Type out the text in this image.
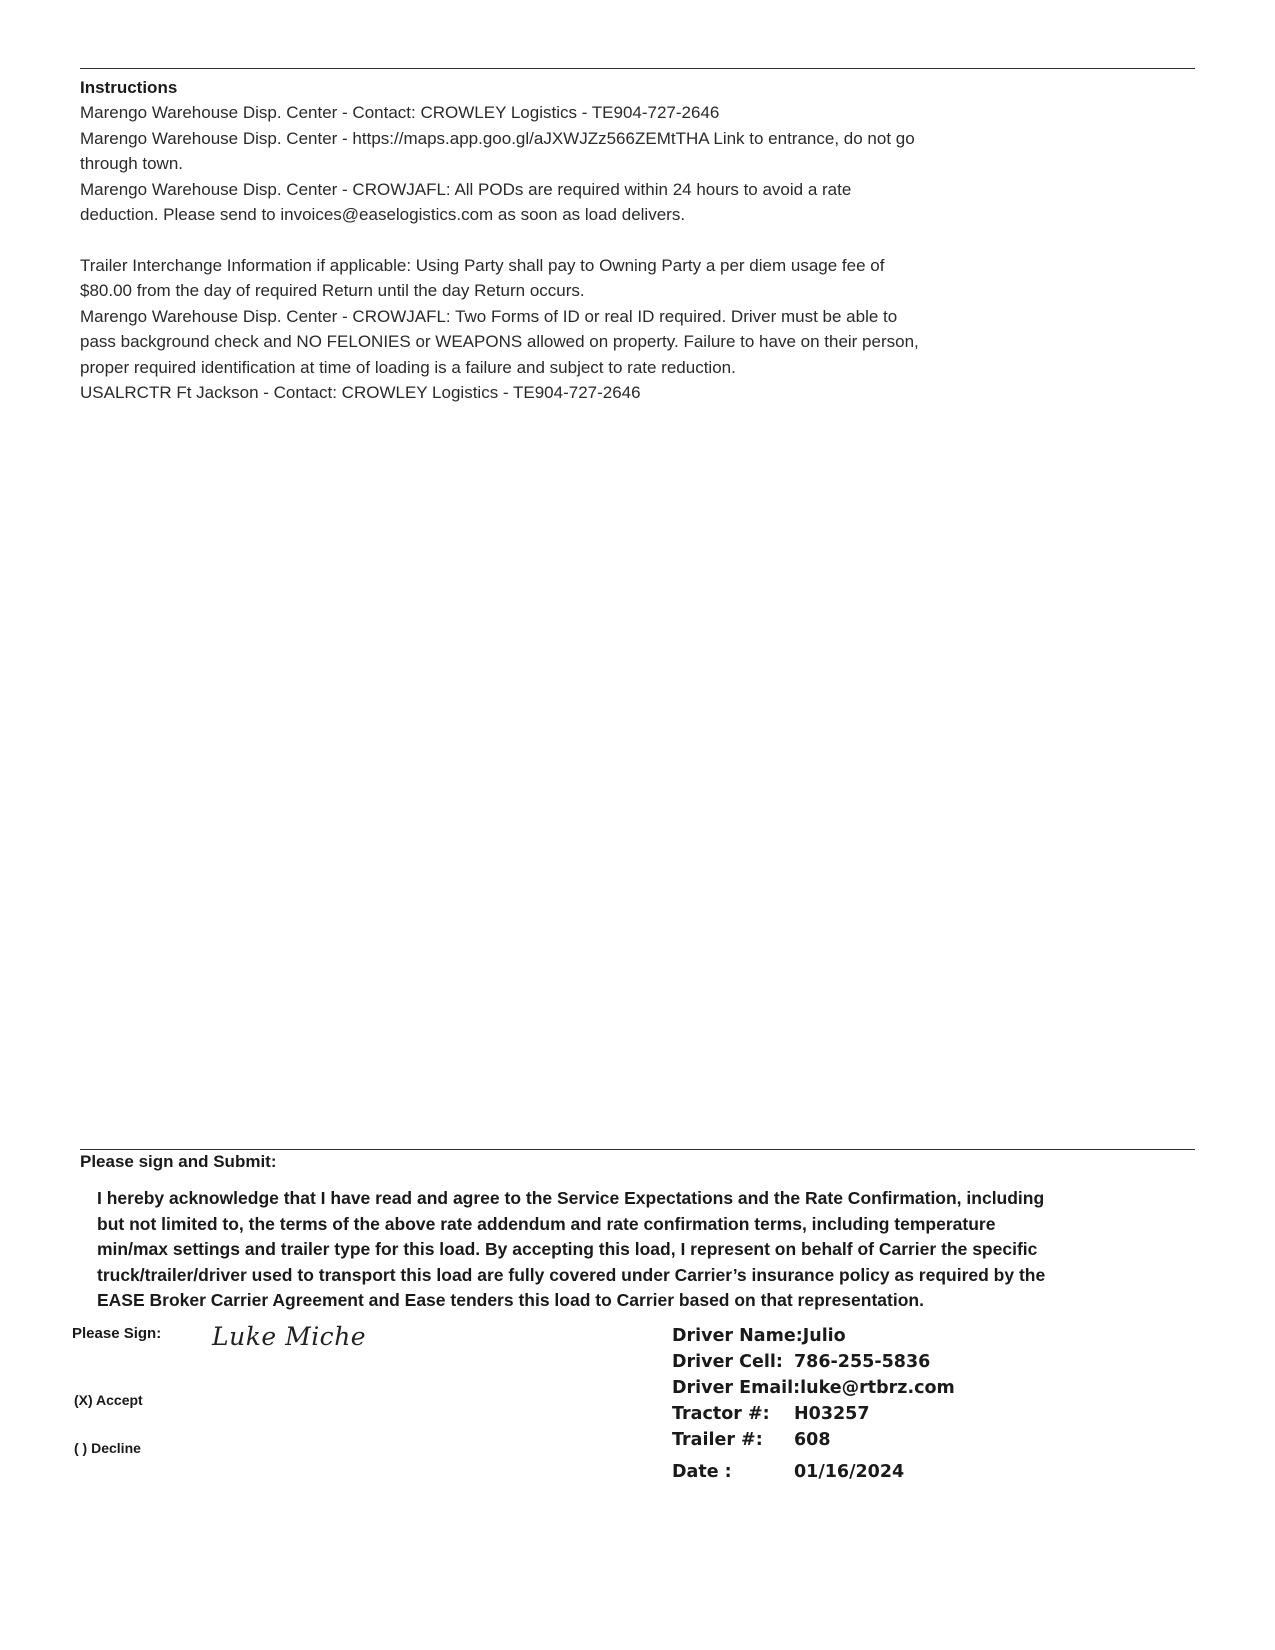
Instructions
Marengo Warehouse Disp. Center - Contact: CROWLEY Logistics - TE904-727-2646
Marengo Warehouse Disp. Center - https://maps.app.goo.gl/aJXWJZz566ZEMtTHA Link to entrance, do not go
through town.
Marengo Warehouse Disp. Center - CROWJAFL: All PODs are required within 24 hours to avoid a rate
deduction. Please send to invoices@easelogistics.com as soon as load delivers.
Trailer Interchange Information if applicable: Using Party shall pay to Owning Party a per diem usage fee of
$80.00 from the day of required Return until the day Return occurs.
Marengo Warehouse Disp. Center - CROWJAFL: Two Forms of ID or real ID required. Driver must be able to
pass background check and NO FELONIES or WEAPONS allowed on property. Failure to have on their person,
proper required identification at time of loading is a failure and subject to rate reduction.
USALRCTR Ft Jackson - Contact: CROWLEY Logistics - TE904-727-2646
Please sign and Submit:
I hereby acknowledge that I have read and agree to the Service Expectations and the Rate Confirmation, including
but not limited to, the terms of the above rate addendum and rate confirmation terms, including temperature
min/max settings and trailer type for this load. By accepting this load, I represent on behalf of Carrier the specific
truck/trailer/driver used to transport this load are fully covered under Carrier’s insurance policy as required by the
EASE Broker Carrier Agreement and Ease tenders this load to Carrier based on that representation.
Please Sign: Luke Miche
(X) Accept
( ) Decline
Driver Name:Julio
Driver Cell: 786-255-5836
Driver Email:luke@rtbrz.com
Tractor #: H03257
Trailer #: 608
Date :	01/16/2024
